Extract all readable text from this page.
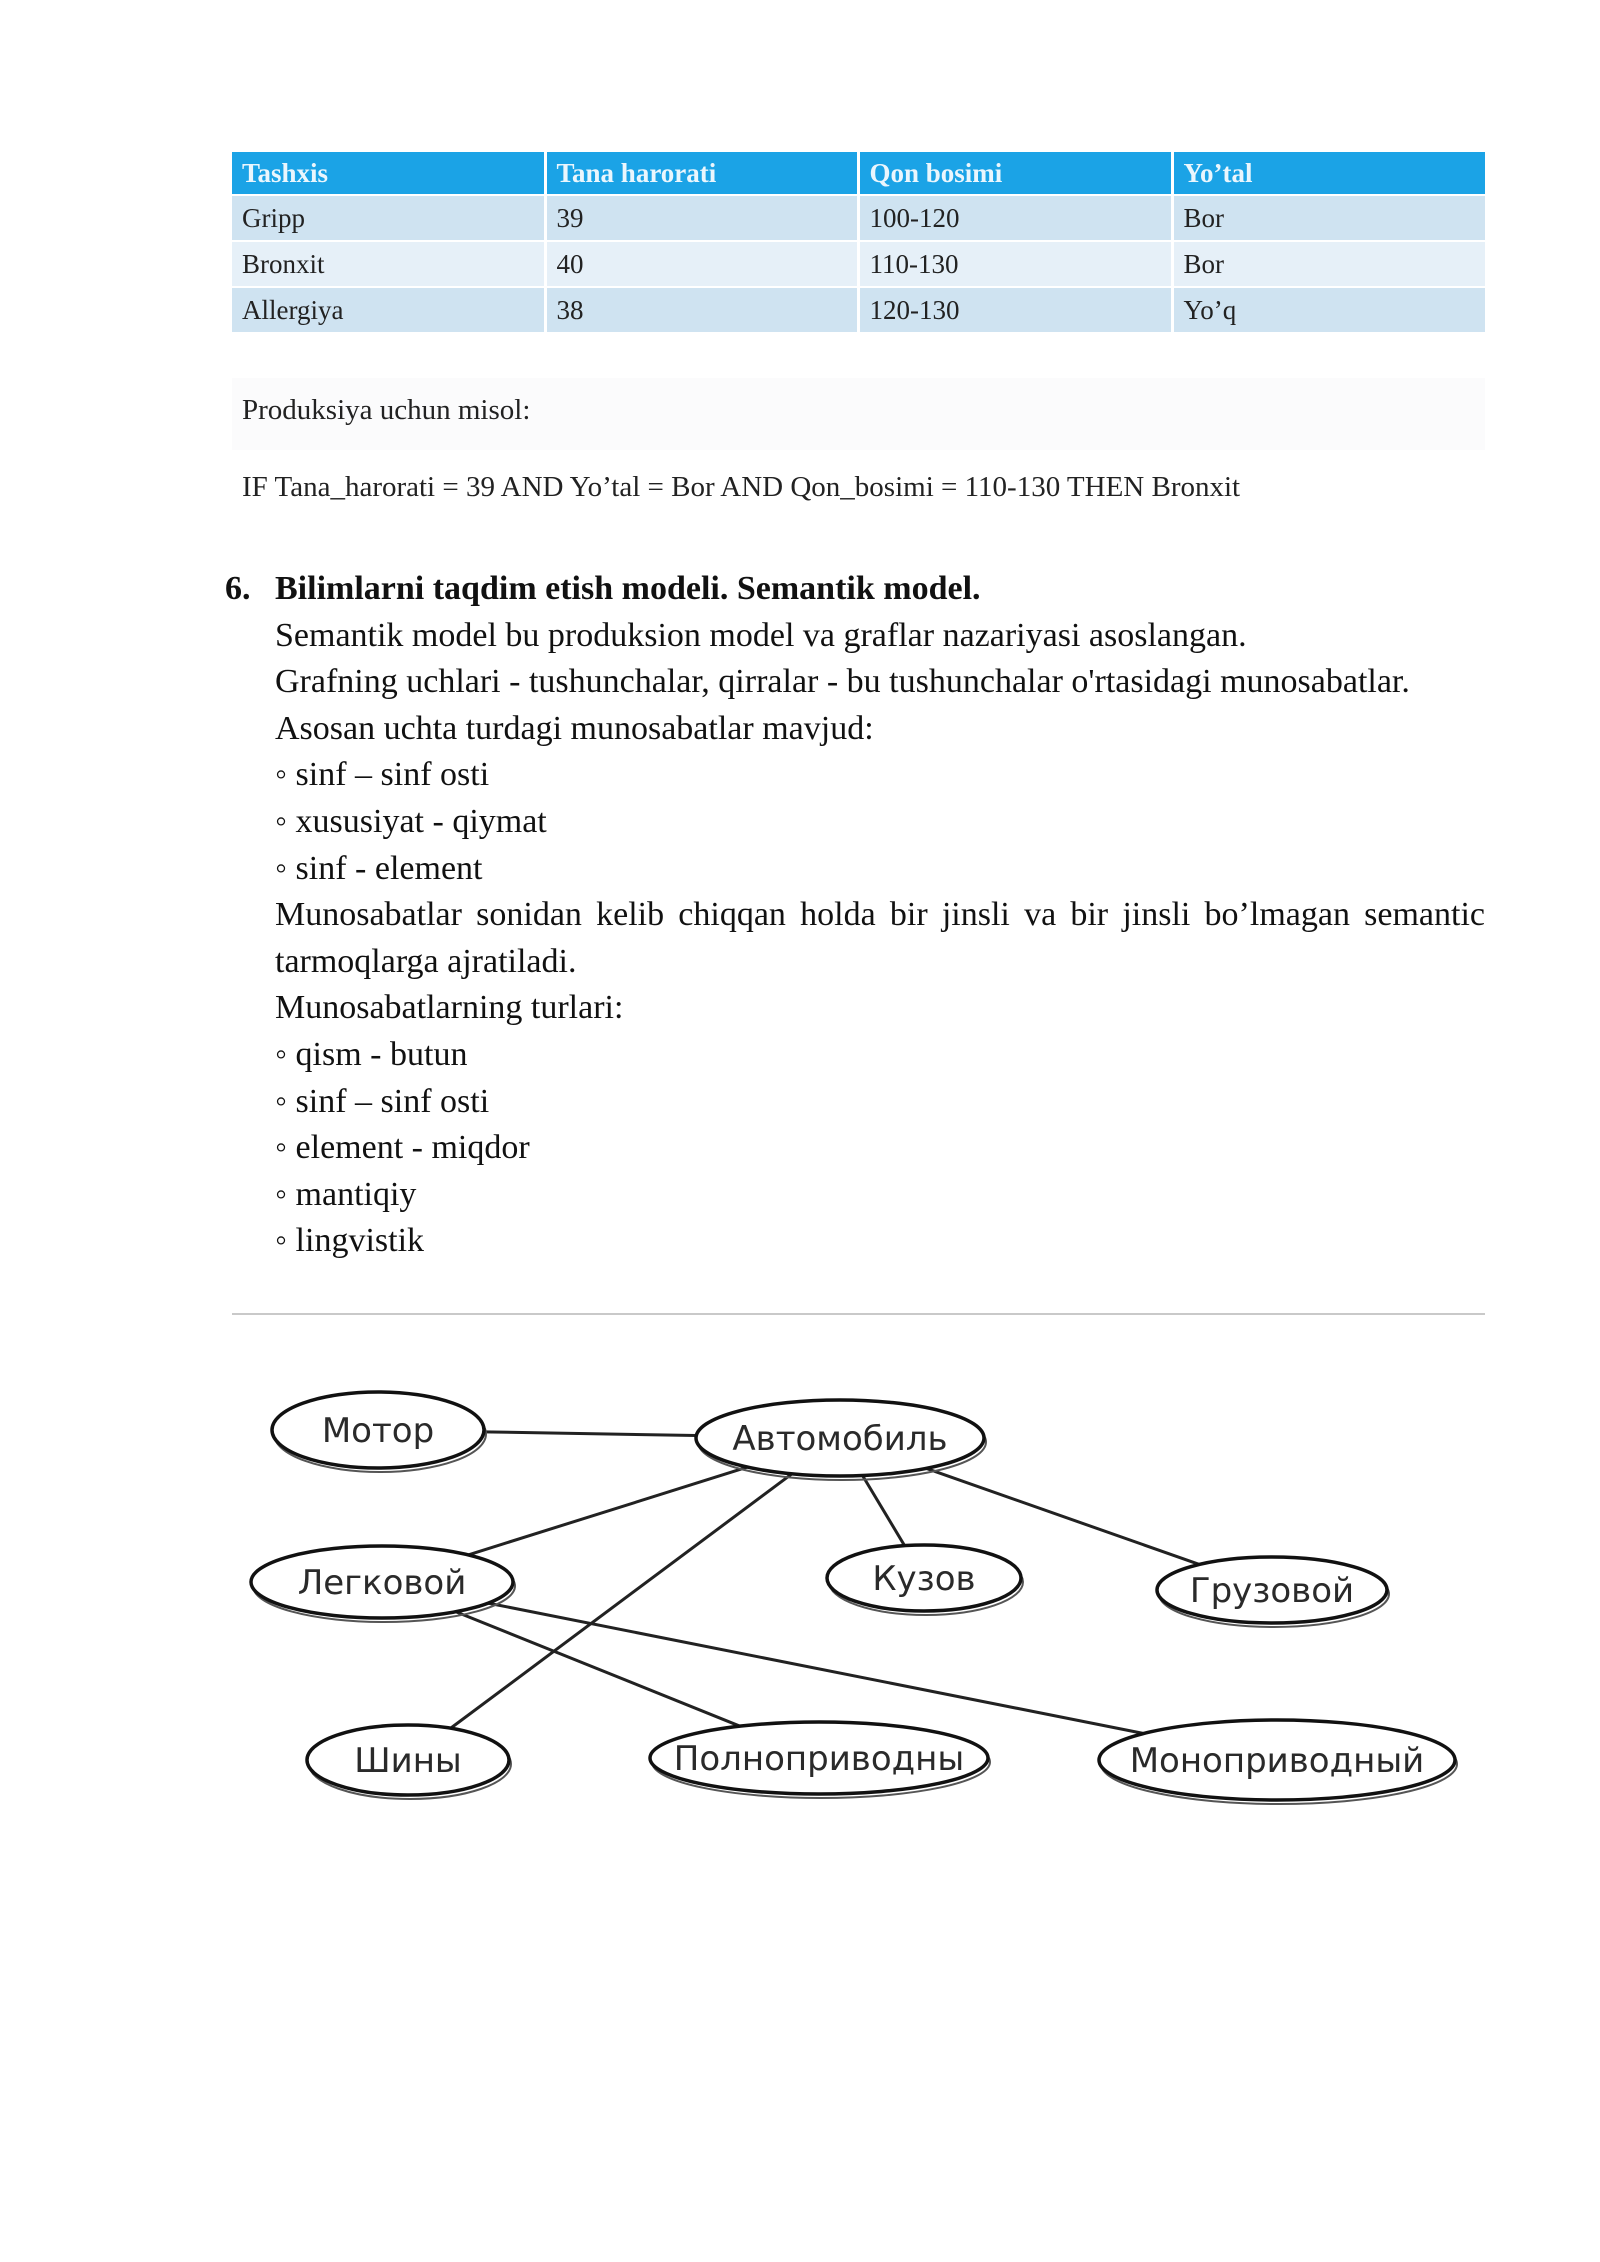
Tashxis	Tana harorati	Qon bosimi	Yo’tal
Gripp	39	100-120	Bor
Bronxit	40	110-130	Bor
Allergiya	38	120-130	Yo’q
Produksiya uchun misol:
IF Tana_harorati = 39 AND Yo’tal = Bor AND Qon_bosimi = 110-130 THEN Bronxit
6. Bilimlarni taqdim etish modeli. Semantik model.
Semantik model bu produksion model va graflar nazariyasi asoslangan.
Grafning uchlari - tushunchalar, qirralar - bu tushunchalar o'rtasidagi munosabatlar.
Asosan uchta turdagi munosabatlar mavjud:
◦ sinf – sinf osti
◦ xususiyat - qiymat
◦ sinf - element
Munosabatlar sonidan kelib chiqqan holda bir jinsli va bir jinsli bo’lmagan semantic tarmoqlarga ajratiladi.
Munosabatlarning turlari:
◦ qism - butun
◦ sinf – sinf osti
◦ element - miqdor
◦ mantiqiy
◦ lingvistik
Мотор	Автомобиль
Легковой	Кузов	Грузовой
Шины	Полноприводны	Моноприводный
